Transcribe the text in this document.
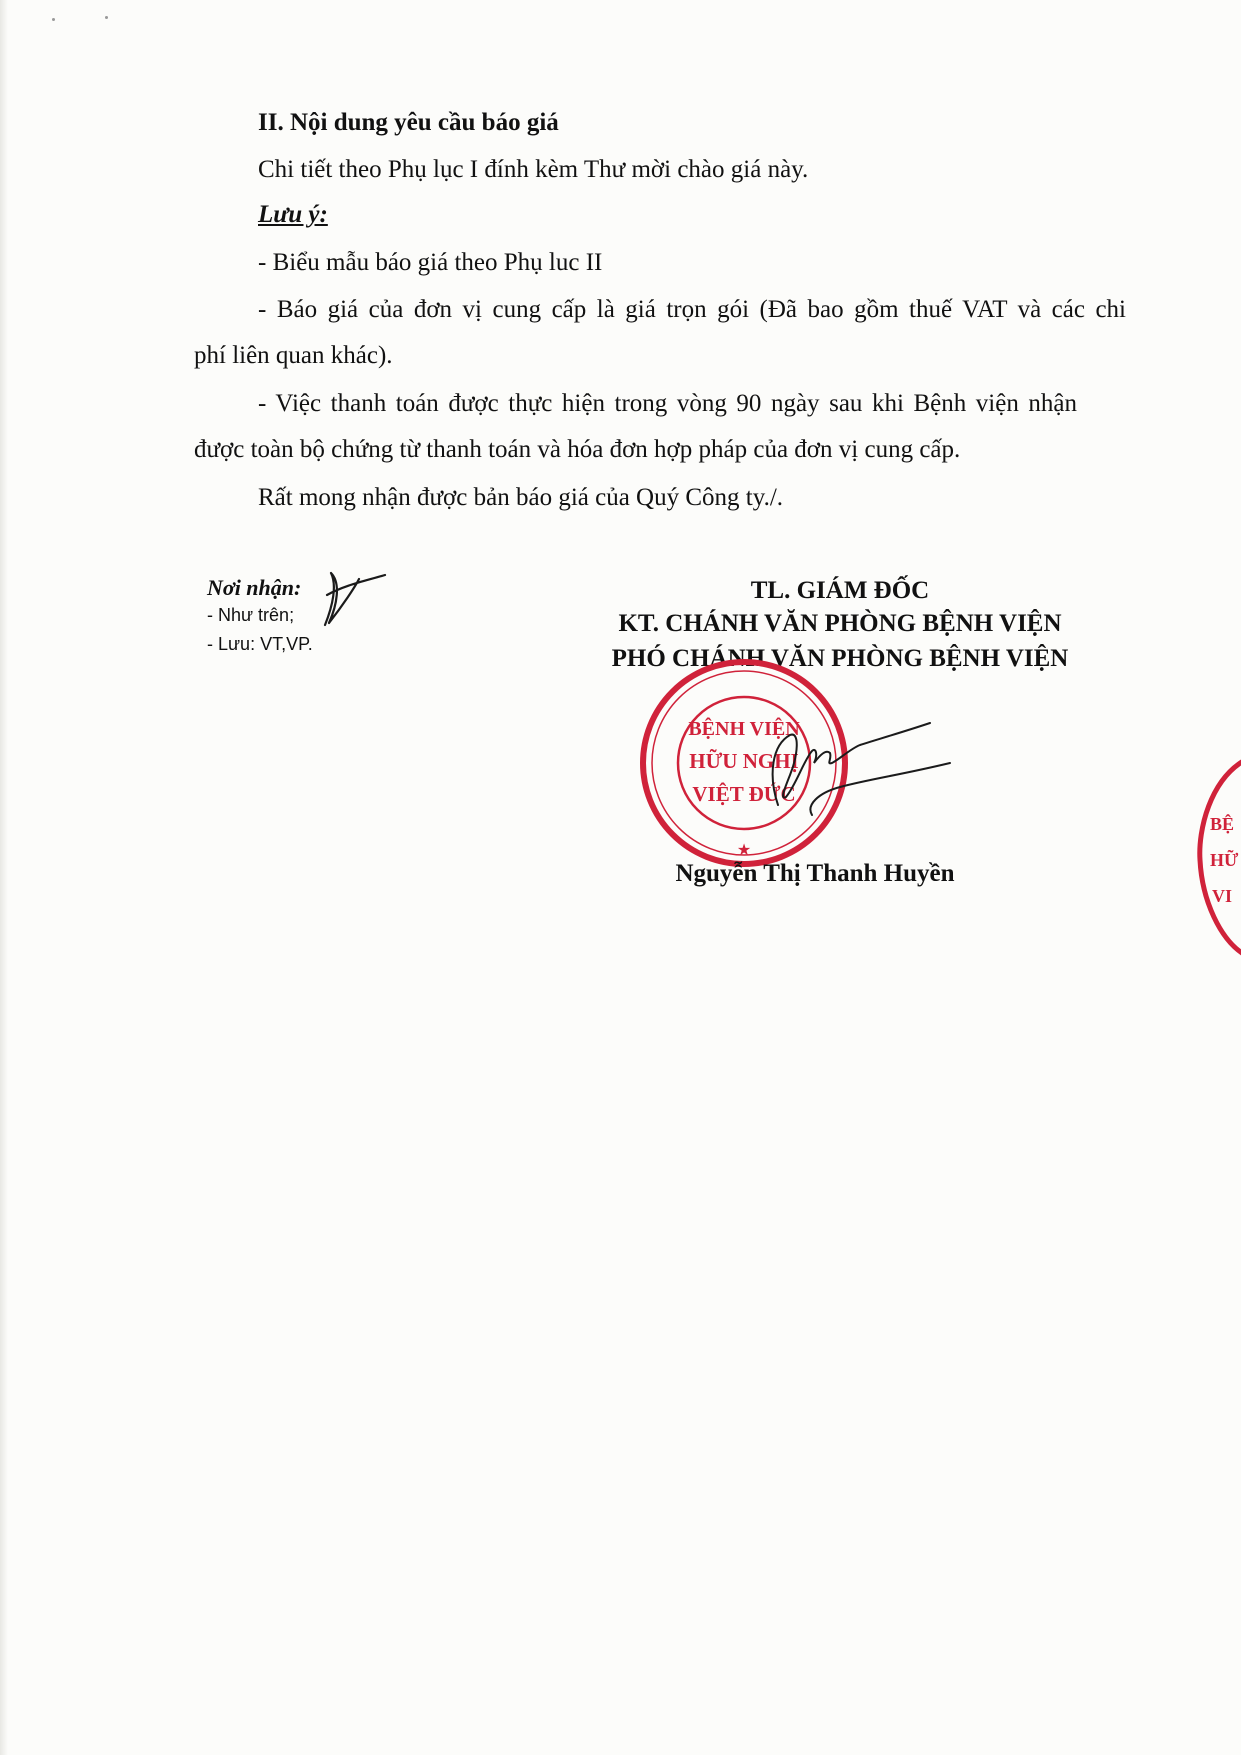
II. Nội dung yêu cầu báo giá
Chi tiết theo Phụ lục I đính kèm Thư mời chào giá này.
Lưu ý:
- Biểu mẫu báo giá theo Phụ luc II
- Báo giá của đơn vị cung cấp là giá trọn gói (Đã bao gồm thuế VAT và các chi
phí liên quan khác).
- Việc thanh toán được thực hiện trong vòng 90 ngày sau khi Bệnh viện nhận
được toàn bộ chứng từ thanh toán và hóa đơn hợp pháp của đơn vị cung cấp.
Rất mong nhận được bản báo giá của Quý Công ty./.
Nơi nhận:
- Như trên;
- Lưu: VT,VP.
TL. GIÁM ĐỐC
KT. CHÁNH VĂN PHÒNG BỆNH VIỆN
PHÓ CHÁNH VĂN PHÒNG BỆNH VIỆN
BỆNH VIỆN
HỮU NGHỊ
VIỆT ĐỨC
★
Nguyễn Thị Thanh Huyền
BỆ
HỮ
VI
